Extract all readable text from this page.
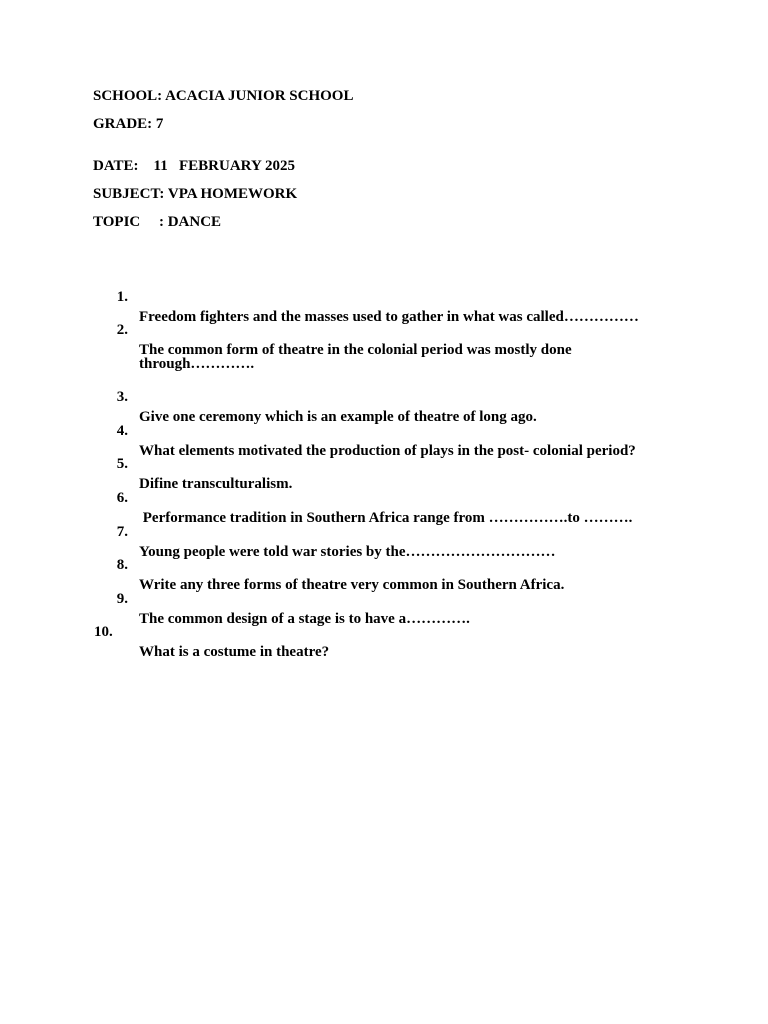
SCHOOL: ACACIA JUNIOR SCHOOL

GRADE: 7

DATE:    11   FEBRUARY 2025

SUBJECT: VPA HOMEWORK

TOPIC     : DANCE

1.

Freedom fighters and the masses used to gather in what was called……………

2.

The common form of theatre in the colonial period was mostly done

through………….

3.

Give one ceremony which is an example of theatre of long ago.

4.

What elements motivated the production of plays in the post- colonial period?

5.

Difine transculturalism.

6.

Performance tradition in Southern Africa range from …………….to ……….

7.

Young people were told war stories by the…………………………

8.

Write any three forms of theatre very common in Southern Africa.

9.

The common design of a stage is to have a………….

10.

What is a costume in theatre?
